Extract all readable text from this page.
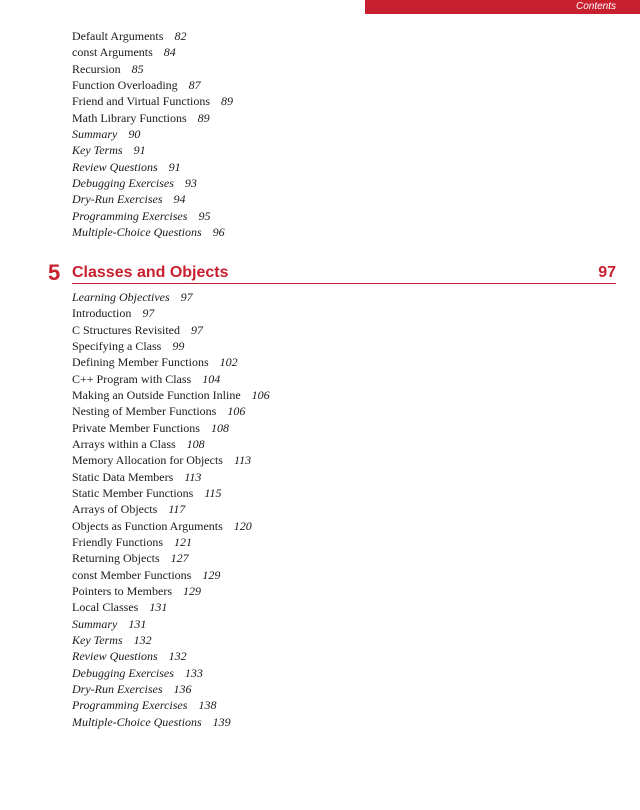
Contents
Default Arguments 82
const Arguments 84
Recursion 85
Function Overloading 87
Friend and Virtual Functions 89
Math Library Functions 89
Summary 90
Key Terms 91
Review Questions 91
Debugging Exercises 93
Dry-Run Exercises 94
Programming Exercises 95
Multiple-Choice Questions 96
5 Classes and Objects	97
Learning Objectives 97
Introduction 97
C Structures Revisited 97
Specifying a Class 99
Defining Member Functions 102
C++ Program with Class 104
Making an Outside Function Inline 106
Nesting of Member Functions 106
Private Member Functions 108
Arrays within a Class 108
Memory Allocation for Objects 113
Static Data Members 113
Static Member Functions 115
Arrays of Objects 117
Objects as Function Arguments 120
Friendly Functions 121
Returning Objects 127
const Member Functions 129
Pointers to Members 129
Local Classes 131
Summary 131
Key Terms 132
Review Questions 132
Debugging Exercises 133
Dry-Run Exercises 136
Programming Exercises 138
Multiple-Choice Questions 139
